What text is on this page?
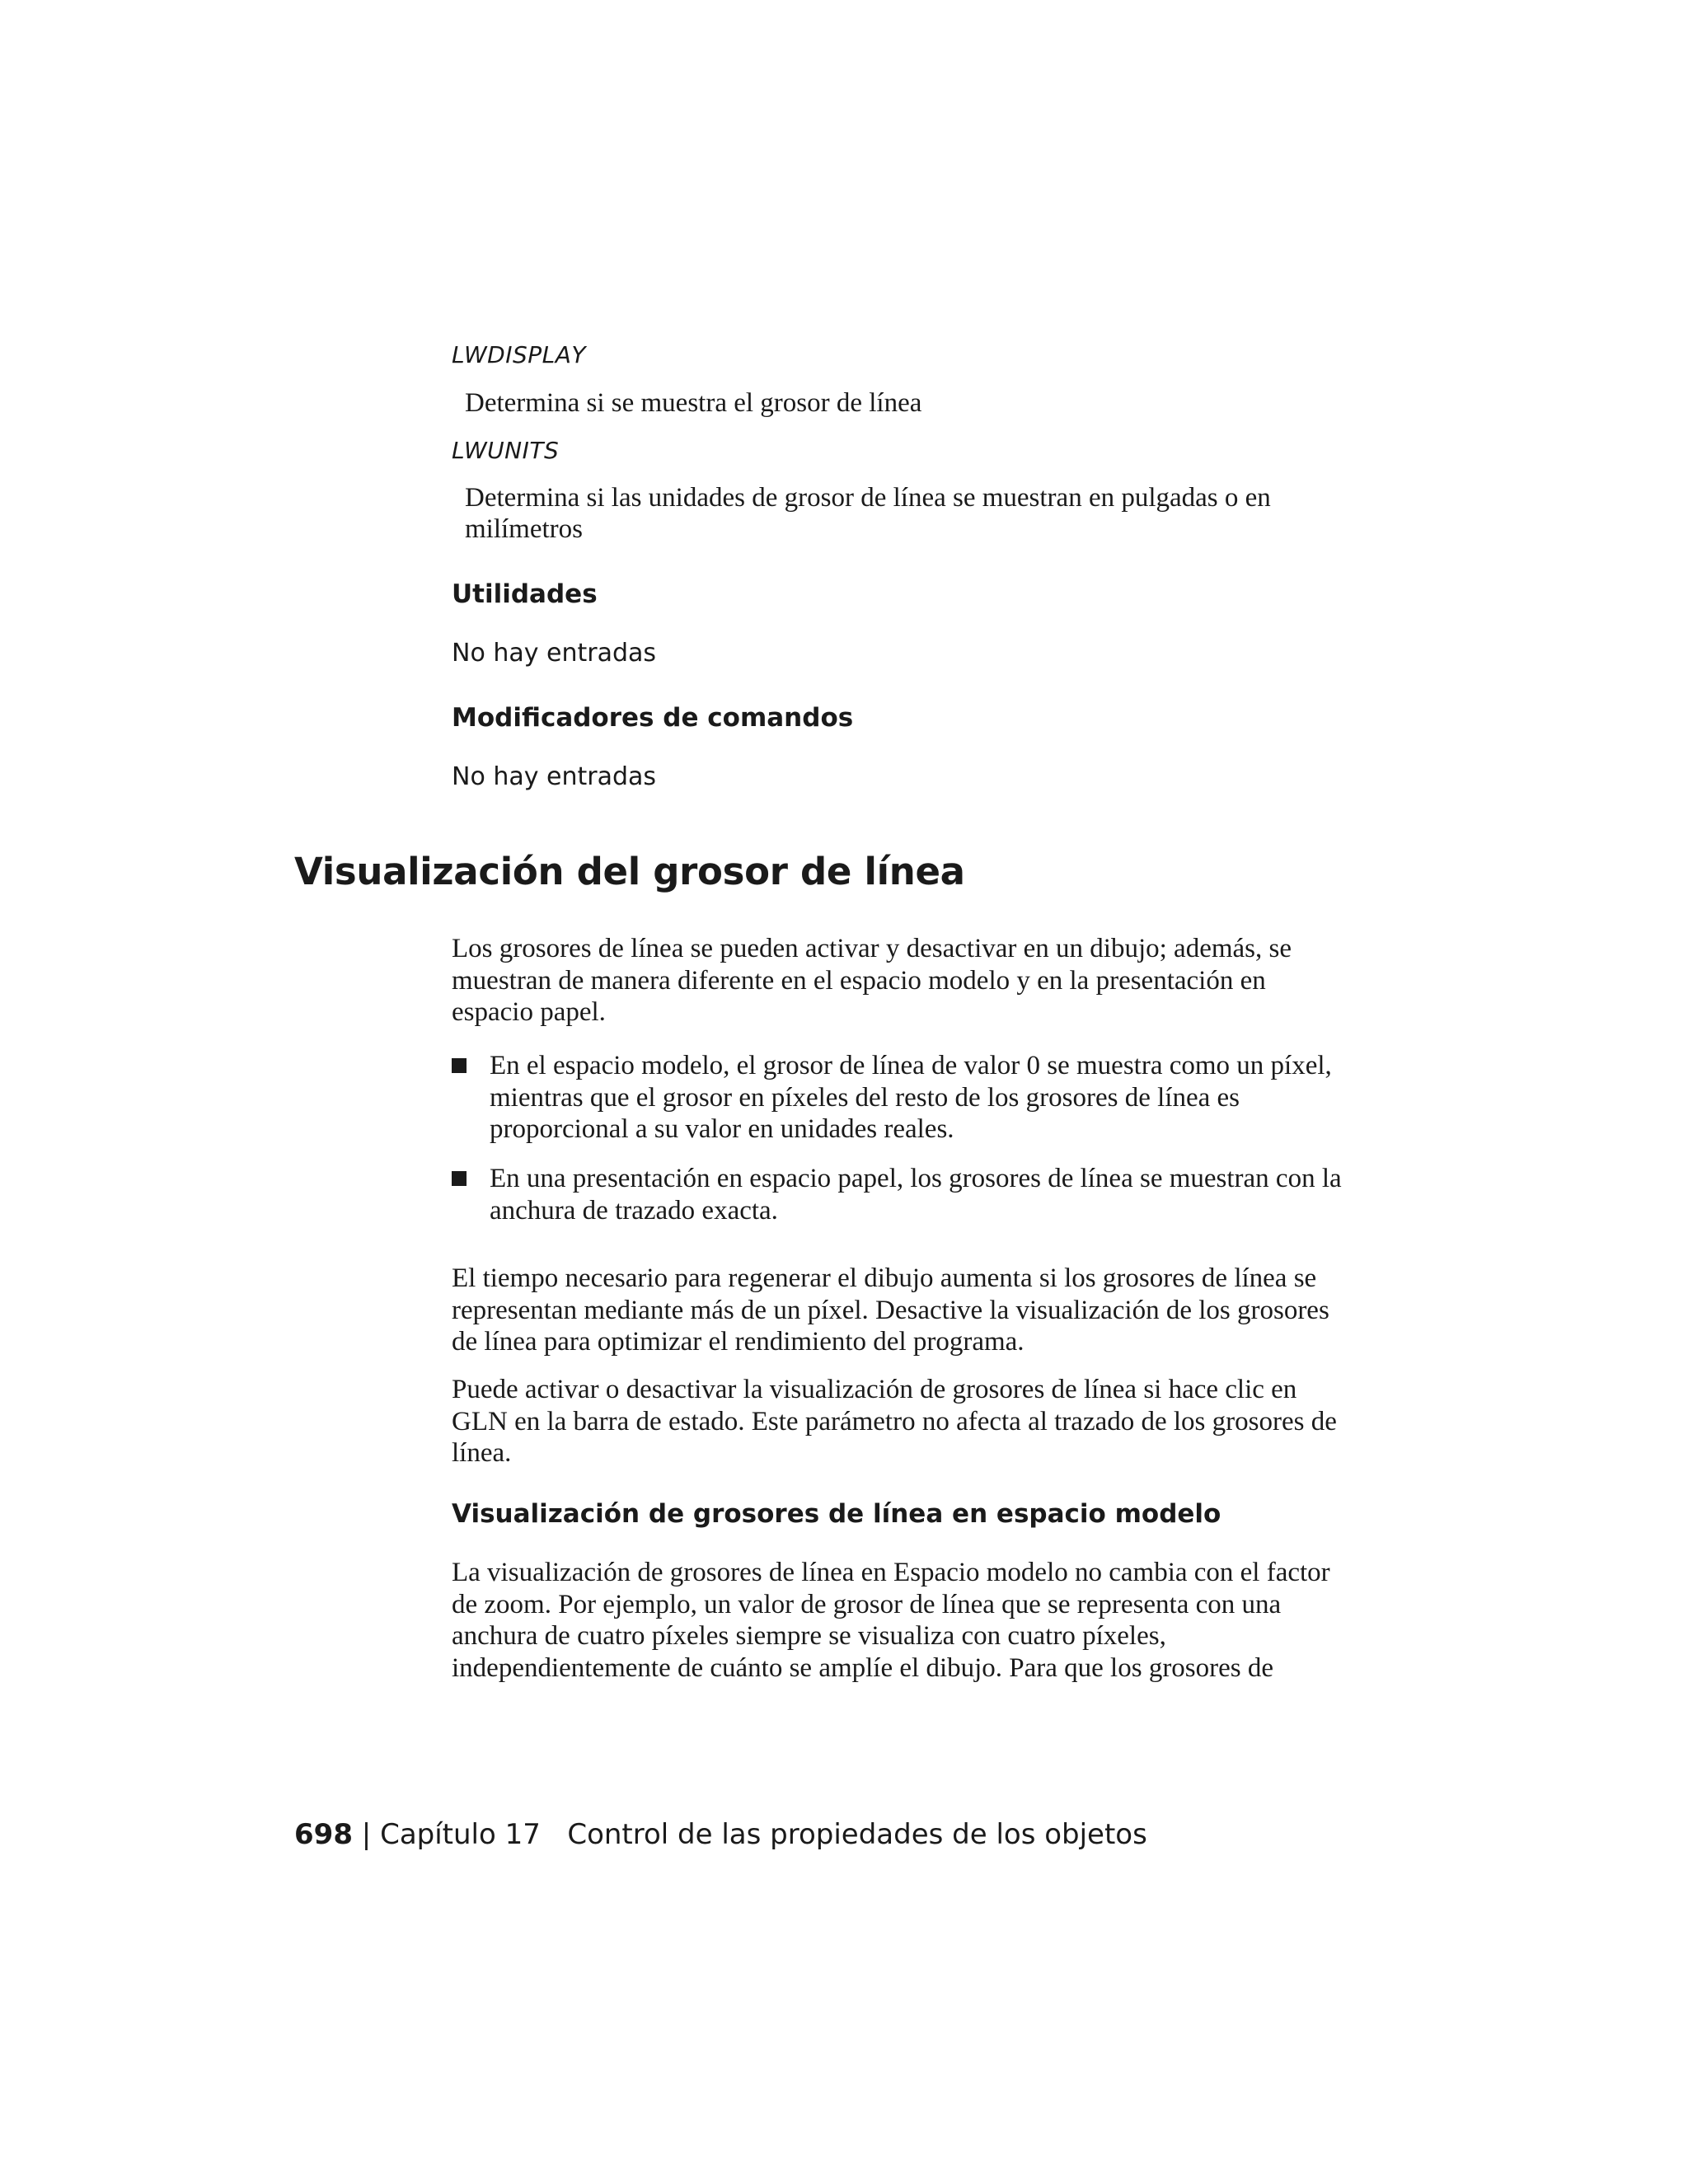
LWDISPLAY
Determina si se muestra el grosor de línea
LWUNITS
Determina si las unidades de grosor de línea se muestran en pulgadas o en milímetros
Utilidades
No hay entradas
Modificadores de comandos
No hay entradas
Visualización del grosor de línea

Los grosores de línea se pueden activar y desactivar en un dibujo; además, se muestran de manera diferente en el espacio modelo y en la presentación en espacio papel.

En el espacio modelo, el grosor de línea de valor 0 se muestra como un píxel, mientras que el grosor en píxeles del resto de los grosores de línea es proporcional a su valor en unidades reales.
En una presentación en espacio papel, los grosores de línea se muestran con la anchura de trazado exacta.

El tiempo necesario para regenerar el dibujo aumenta si los grosores de línea se representan mediante más de un píxel. Desactive la visualización de los grosores de línea para optimizar el rendimiento del programa.

Puede activar o desactivar la visualización de grosores de línea si hace clic en GLN en la barra de estado. Este parámetro no afecta al trazado de los grosores de línea.

Visualización de grosores de línea en espacio modelo

La visualización de grosores de línea en Espacio modelo no cambia con el factor de zoom. Por ejemplo, un valor de grosor de línea que se representa con una anchura de cuatro píxeles siempre se visualiza con cuatro píxeles, independientemente de cuánto se amplíe el dibujo. Para que los grosores de

698 | Capítulo 17 Control de las propiedades de los objetos
